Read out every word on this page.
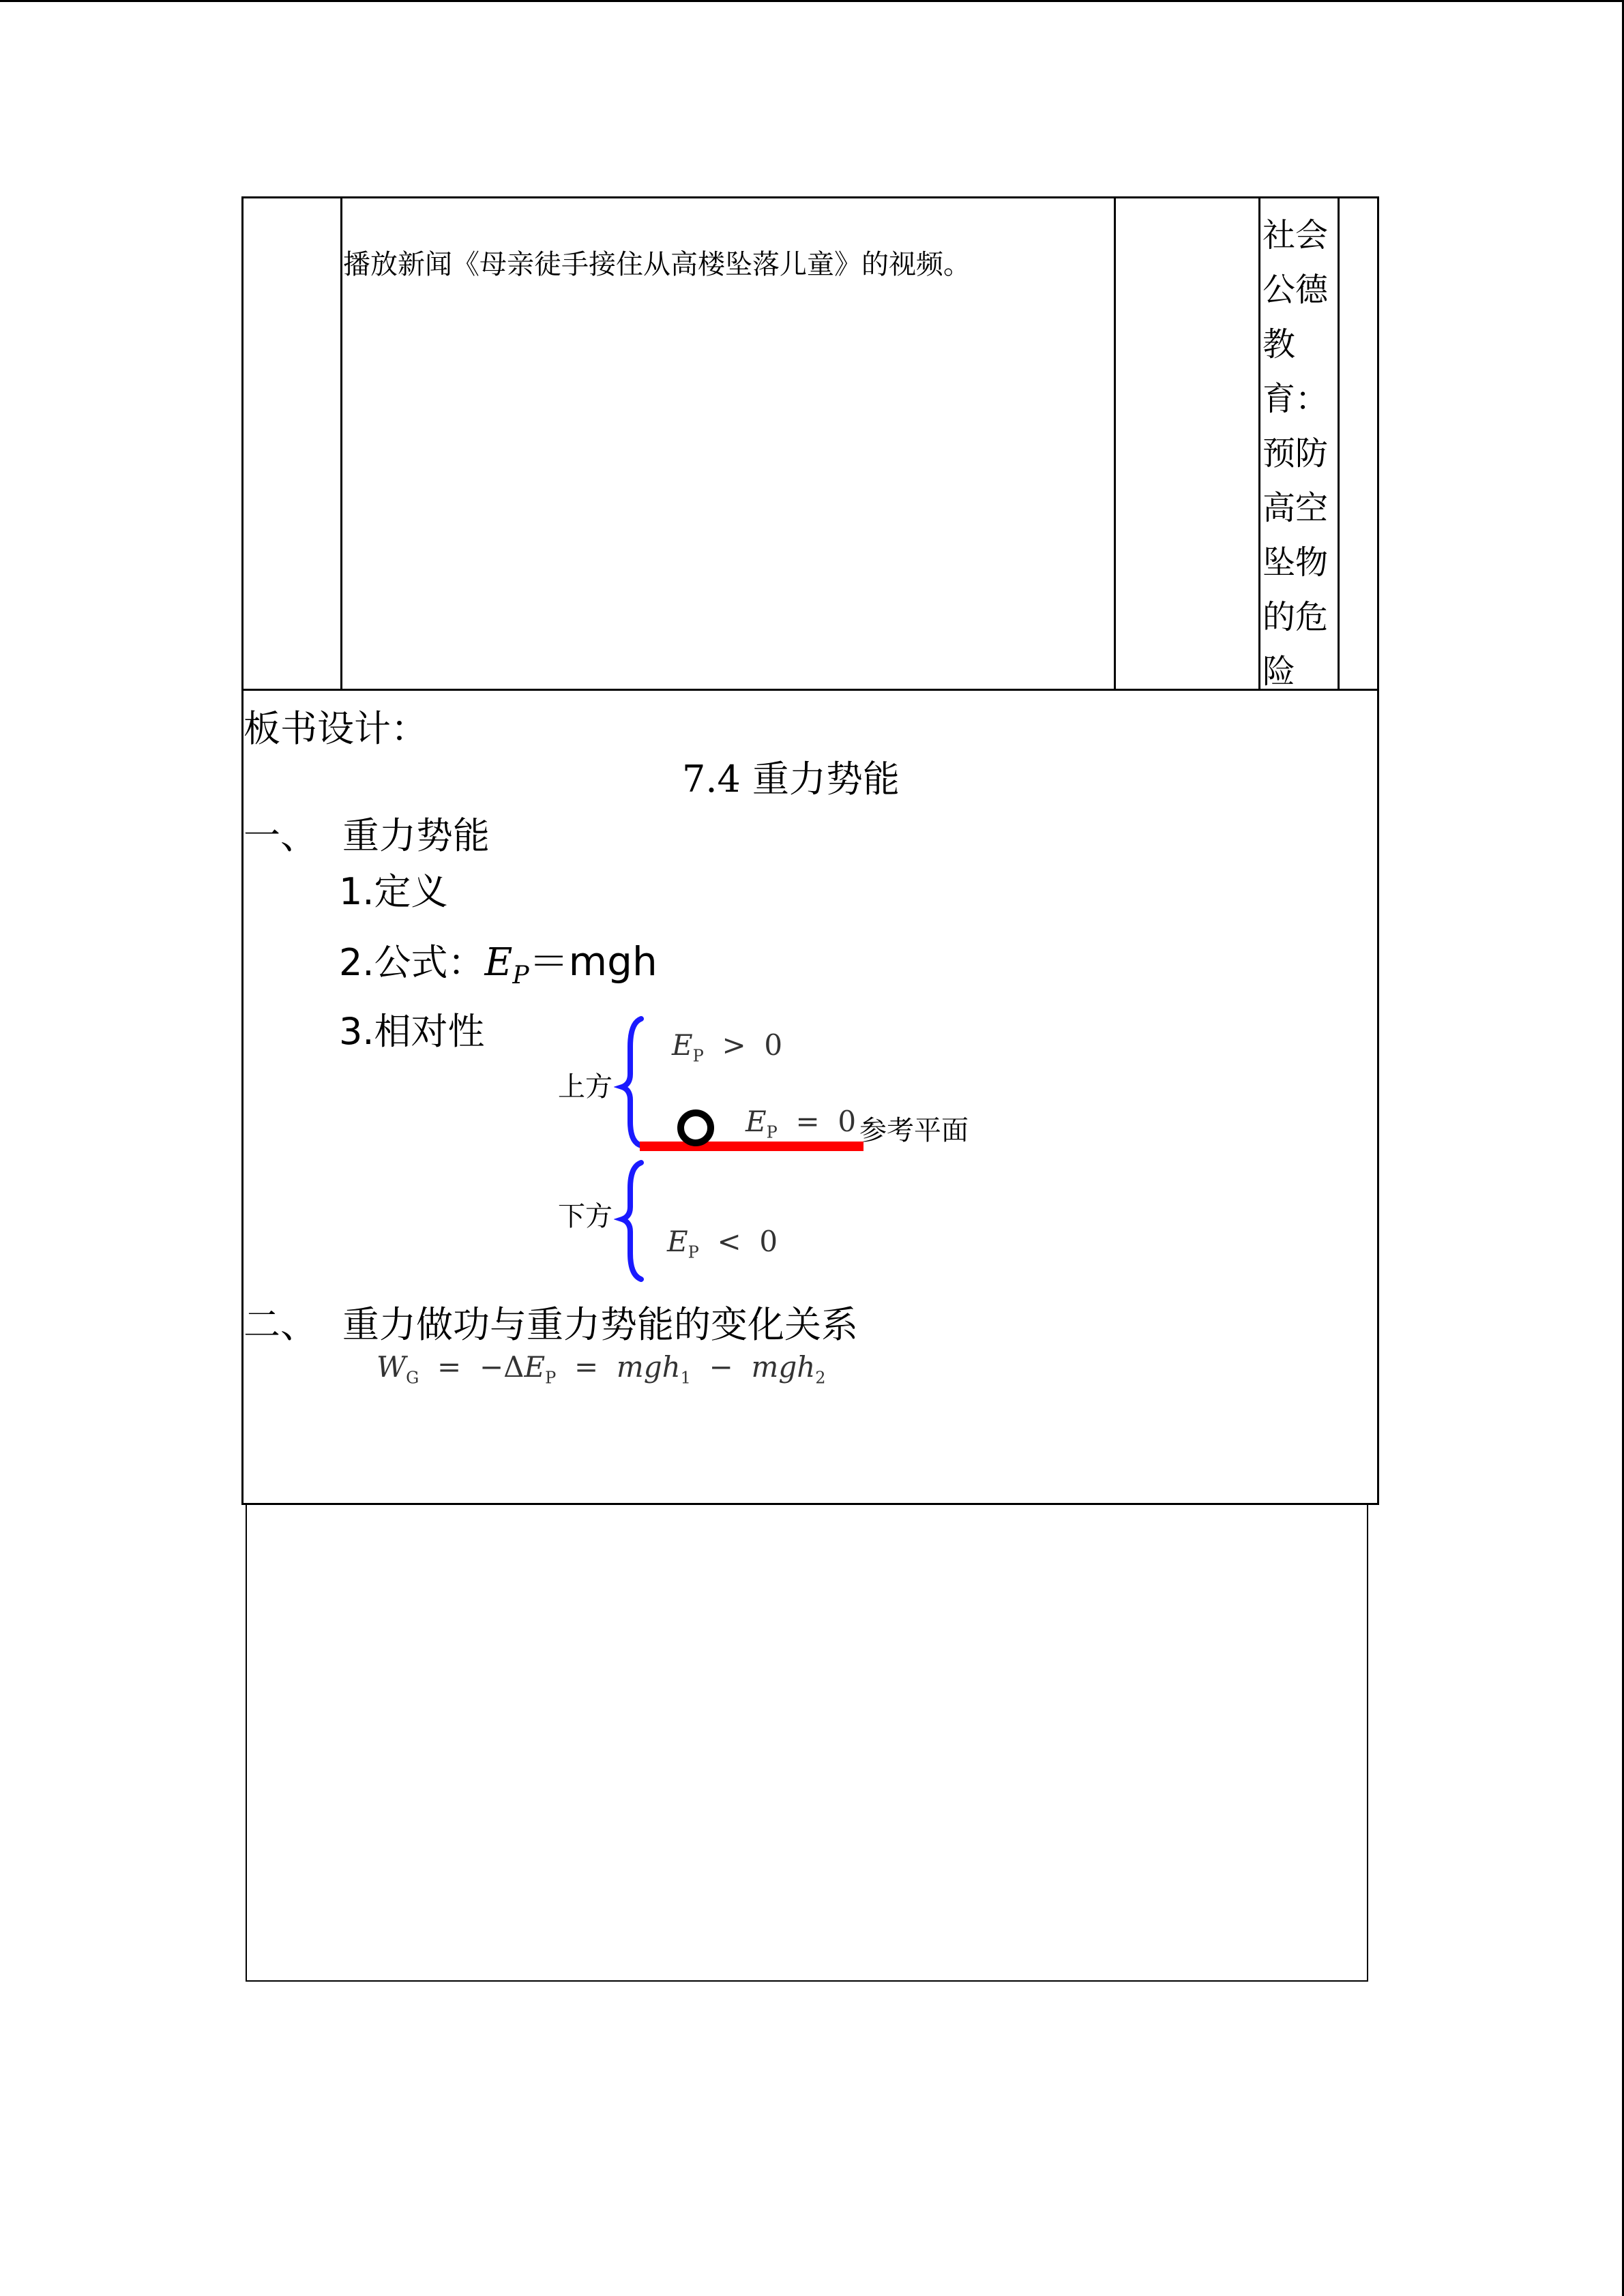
播放新闻《母亲徒手接住从高楼坠落儿童》的视频。
社会公德教育：预防高空坠物的危险
板书设计：
7.4 重力势能
一、 重力势能
1.定义
2.公式：$E_P=mgh$
3.相对性
上方
下方
参考平面
$E_P > 0$
$E_P = 0$
$E_P < 0$
二、 重力做功与重力势能的变化关系
$W_G = -\Delta E_P = mgh_1 - mgh_2$
